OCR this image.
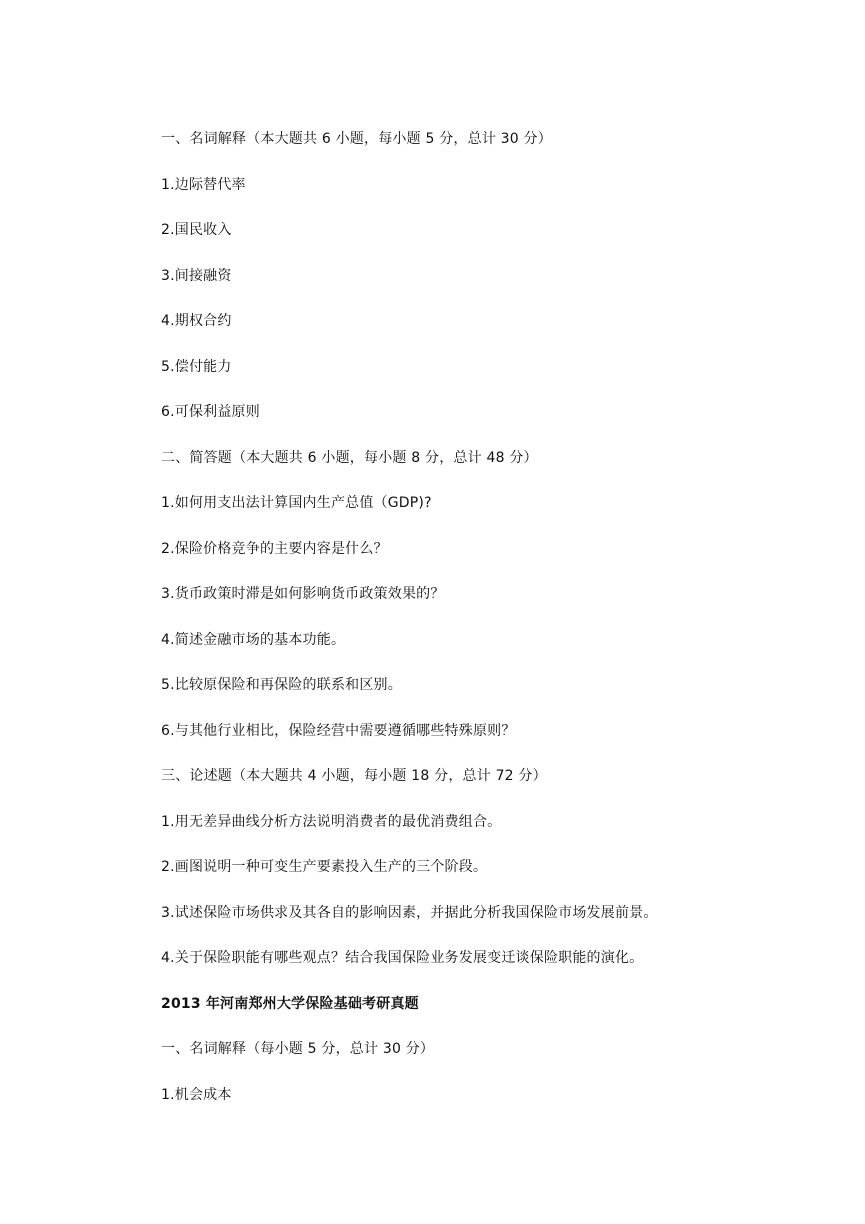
一、名词解释（本大题共 6 小题，每小题 5 分，总计 30 分）
1.边际替代率
2.国民收入
3.间接融资
4.期权合约
5.偿付能力
6.可保利益原则
二、简答题（本大题共 6 小题，每小题 8 分，总计 48 分）
1.如何用支出法计算国内生产总值（GDP)?
2.保险价格竞争的主要内容是什么？
3.货币政策时滞是如何影响货币政策效果的？
4.简述金融市场的基本功能。
5.比较原保险和再保险的联系和区别。
6.与其他行业相比，保险经营中需要遵循哪些特殊原则？
三、论述题（本大题共 4 小题，每小题 18 分，总计 72 分）
1.用无差异曲线分析方法说明消费者的最优消费组合。
2.画图说明一种可变生产要素投入生产的三个阶段。
3.试述保险市场供求及其各自的影响因素，并据此分析我国保险市场发展前景。
4.关于保险职能有哪些观点？结合我国保险业务发展变迁谈保险职能的演化。
2013 年河南郑州大学保险基础考研真题
一、名词解释（每小题 5 分，总计 30 分）
1.机会成本
